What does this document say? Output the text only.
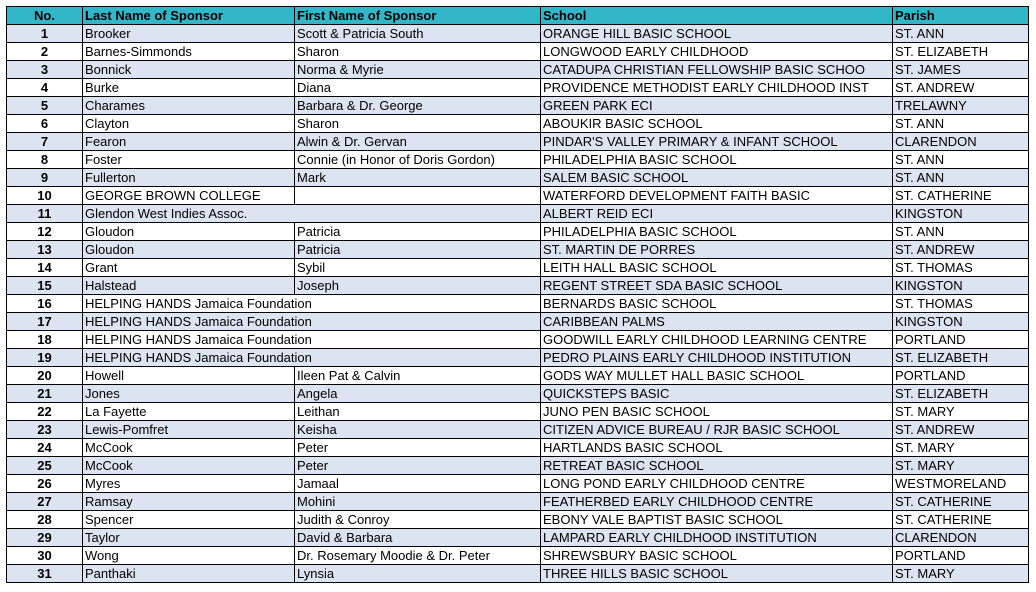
No.	Last Name of Sponsor	First Name of Sponsor	School	Parish
1	Brooker	Scott & Patricia South	ORANGE HILL BASIC SCHOOL	ST. ANN
2	Barnes-Simmonds	Sharon	LONGWOOD EARLY CHILDHOOD	ST. ELIZABETH
3	Bonnick	Norma & Myrie	CATADUPA CHRISTIAN FELLOWSHIP BASIC SCHOO	ST. JAMES
4	Burke	Diana	PROVIDENCE METHODIST EARLY CHILDHOOD INST	ST. ANDREW
5	Charames	Barbara & Dr. George	GREEN PARK ECI	TRELAWNY
6	Clayton	Sharon	ABOUKIR BASIC SCHOOL	ST. ANN
7	Fearon	Alwin & Dr. Gervan	PINDAR'S VALLEY PRIMARY & INFANT SCHOOL	CLARENDON
8	Foster	Connie (in Honor of Doris Gordon)	PHILADELPHIA BASIC SCHOOL	ST. ANN
9	Fullerton	Mark	SALEM BASIC SCHOOL	ST. ANN
10	GEORGE BROWN COLLEGE		WATERFORD DEVELOPMENT FAITH BASIC	ST. CATHERINE
11	Glendon West Indies Assoc.		ALBERT REID ECI	KINGSTON
12	Gloudon	Patricia	PHILADELPHIA BASIC SCHOOL	ST. ANN
13	Gloudon	Patricia	ST. MARTIN DE PORRES	ST. ANDREW
14	Grant	Sybil	LEITH HALL BASIC SCHOOL	ST. THOMAS
15	Halstead	Joseph	REGENT STREET SDA BASIC SCHOOL	KINGSTON
16	HELPING HANDS Jamaica Foundation		BERNARDS BASIC SCHOOL	ST. THOMAS
17	HELPING HANDS Jamaica Foundation		CARIBBEAN PALMS	KINGSTON
18	HELPING HANDS Jamaica Foundation		GOODWILL EARLY CHILDHOOD LEARNING CENTRE	PORTLAND
19	HELPING HANDS Jamaica Foundation		PEDRO PLAINS EARLY CHILDHOOD INSTITUTION	ST. ELIZABETH
20	Howell	Ileen Pat & Calvin	GODS WAY MULLET HALL BASIC SCHOOL	PORTLAND
21	Jones	Angela	QUICKSTEPS BASIC	ST. ELIZABETH
22	La Fayette	Leithan	JUNO PEN BASIC SCHOOL	ST. MARY
23	Lewis-Pomfret	Keisha	CITIZEN ADVICE BUREAU / RJR BASIC SCHOOL	ST. ANDREW
24	McCook	Peter	HARTLANDS BASIC SCHOOL	ST. MARY
25	McCook	Peter	RETREAT BASIC SCHOOL	ST. MARY
26	Myres	Jamaal	LONG POND EARLY CHILDHOOD CENTRE	WESTMORELAND
27	Ramsay	Mohini	FEATHERBED EARLY CHILDHOOD CENTRE	ST. CATHERINE
28	Spencer	Judith & Conroy	EBONY VALE BAPTIST BASIC SCHOOL	ST. CATHERINE
29	Taylor	David & Barbara	LAMPARD EARLY CHILDHOOD INSTITUTION	CLARENDON
30	Wong	Dr. Rosemary Moodie & Dr. Peter	SHREWSBURY BASIC SCHOOL	PORTLAND
31	Panthaki	Lynsia	THREE HILLS BASIC SCHOOL	ST. MARY
